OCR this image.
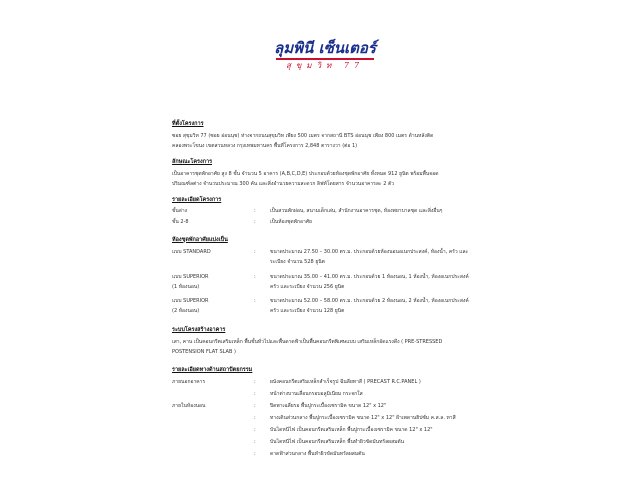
ลุมพินี เซ็นเตอร์
สุขุมวิท 77
ที่ตั้งโครงการ
ซอย สุขุมวิท 77 (ซอย อ่อนนุช) ห่างจากถนนสุขุมวิท เพียง 500 เมตร จากสถานี BTS อ่อนนุช เพียง 800 เมตร ด้านหลังติด
คลองพระโขนง เขตสวนหลวง กรุงเทพมหานคร พื้นที่โครงการ 2,848 ตารางวา (ต่อ 1)
ลักษณะโครงการ
เป็นอาคารชุดพักอาศัย สูง 8 ชั้น จำนวน 5 อาคาร (A,B,C,D,E) ประกอบด้วยห้องชุดพักอาศัย ทั้งหมด 912 ยูนิต พร้อมพื้นจอด
ปริมณฑ์ลต่าง จำนวนประมาณ 300 คัน และสิ่งอำนวยความสะดวก ลิฟท์โดยสาร จำนวนอาคารละ 2 ตัว
รายละเอียดโครงการ
ชั้นล่าง	:	เป็นสวนพักผ่อน, สนามเด็กเล่น, สำนักงานอาคารชุด, ห้องพยาบาลชุด และสิ่งอื่นๆ
ชั้น 2-8	:	เป็นห้องชุดพักอาศัย
ห้องชุดพักอาศัยแบ่งเป็น
แบบ STANDARD	:	ขนาดประมาณ 27.50 – 30.00 ตร.ม. ประกอบด้วยห้องนอนอเนกประสงค์, ห้องน้ำ, ครัว และ
ระเบียง จำนวน 528 ยูนิต
แบบ SUPERIOR
(1 ห้องนอน)
:	ขนาดประมาณ 35.00 – 41.00 ตร.ม. ประกอบด้วย 1 ห้องนอน, 1 ห้องน้ำ, ห้องอเนกประสงค์
ครัว และระเบียง จำนวน 256 ยูนิต
แบบ SUPERIOR
(2 ห้องนอน)
:	ขนาดประมาณ 52.00 – 58.00 ตร.ม. ประกอบด้วย 2 ห้องนอน, 2 ห้องน้ำ, ห้องอเนกประสงค์
ครัว และระเบียง จำนวน 128 ยูนิต
ระบบโครงสร้างอาคาร
เสา, คาน เป็นคอนกรีตเสริมเหล็ก พื้นชั้นทั่วไปและพื้นดาดฟ้าเป็นพื้นคอนกรีตพิเศษแบบ เสริมเหล็กอัดแรงดึง ( PRE-STRESSED
POSTENSION FLAT SLAB )
รายละเอียดทางด้านสถาปัตยกรรม
ภายนอกอาคาร	:	ผนังคอนกรีตเสริมเหล็กสำเร็จรูป ฉีนลียทาสี ( PRECAST R.C.PANEL )
:	หน้าต่างบานเลื่อนกรอบอลูมิเนียม กระจกใส
ภายในห้องนอน	:	ปิดพาเฉลี่ยรอ พื้นปูกระเบื้องเซรามิค ขนาด 12" x 12"
:	ทางเดินส่วนกลาง พื้นปูกระเบื้องเซรามิค ขนาด 12" x 12" ฝ้าเพดานยิปซั่ม ค.ส.ล. ทาสี
:	บันไดหนีไฟ เป็นคอนกรีตเสริมเหล็ก พื้นปูกระเบื้องเซรามิค ขนาด 12" x 12"
:	บันไดหนีไฟ เป็นคอนกรีตเสริมเหล็ก พื้นทำผิวขัดมันทรัลผสมตัน
:	ดาดฟ้าส่วนกลาง พื้นทำผิวขัดมันทรัลผสมตัน
